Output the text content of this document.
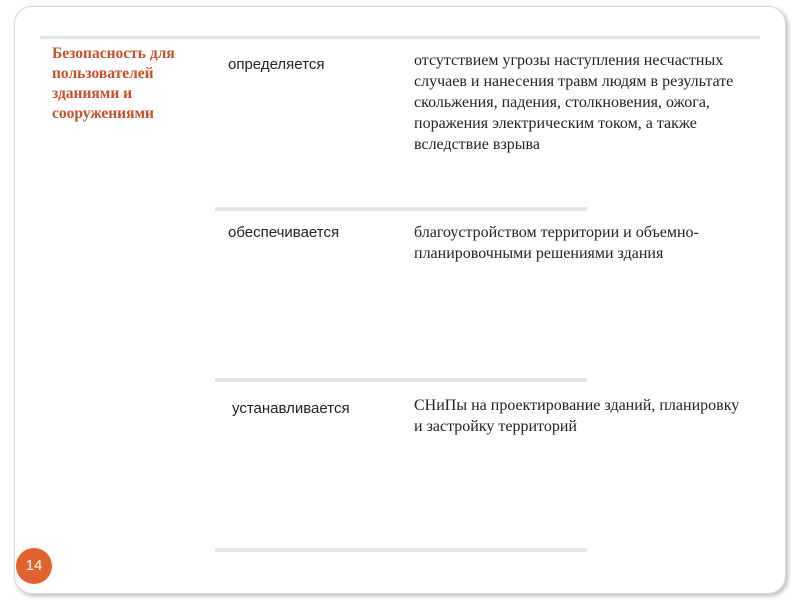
Безопасность для пользователей зданиями и сооружениями
определяется	отсутствием угрозы наступления несчастных случаев и нанесения травм людям в результате скольжения, падения, столкновения, ожога, поражения электрическим током, а также вследствие взрыва
обеспечивается	благоустройством территории и объемно-планировочными решениями здания
устанавливается	СНиПы на проектирование зданий, планировку и застройку территорий
14
